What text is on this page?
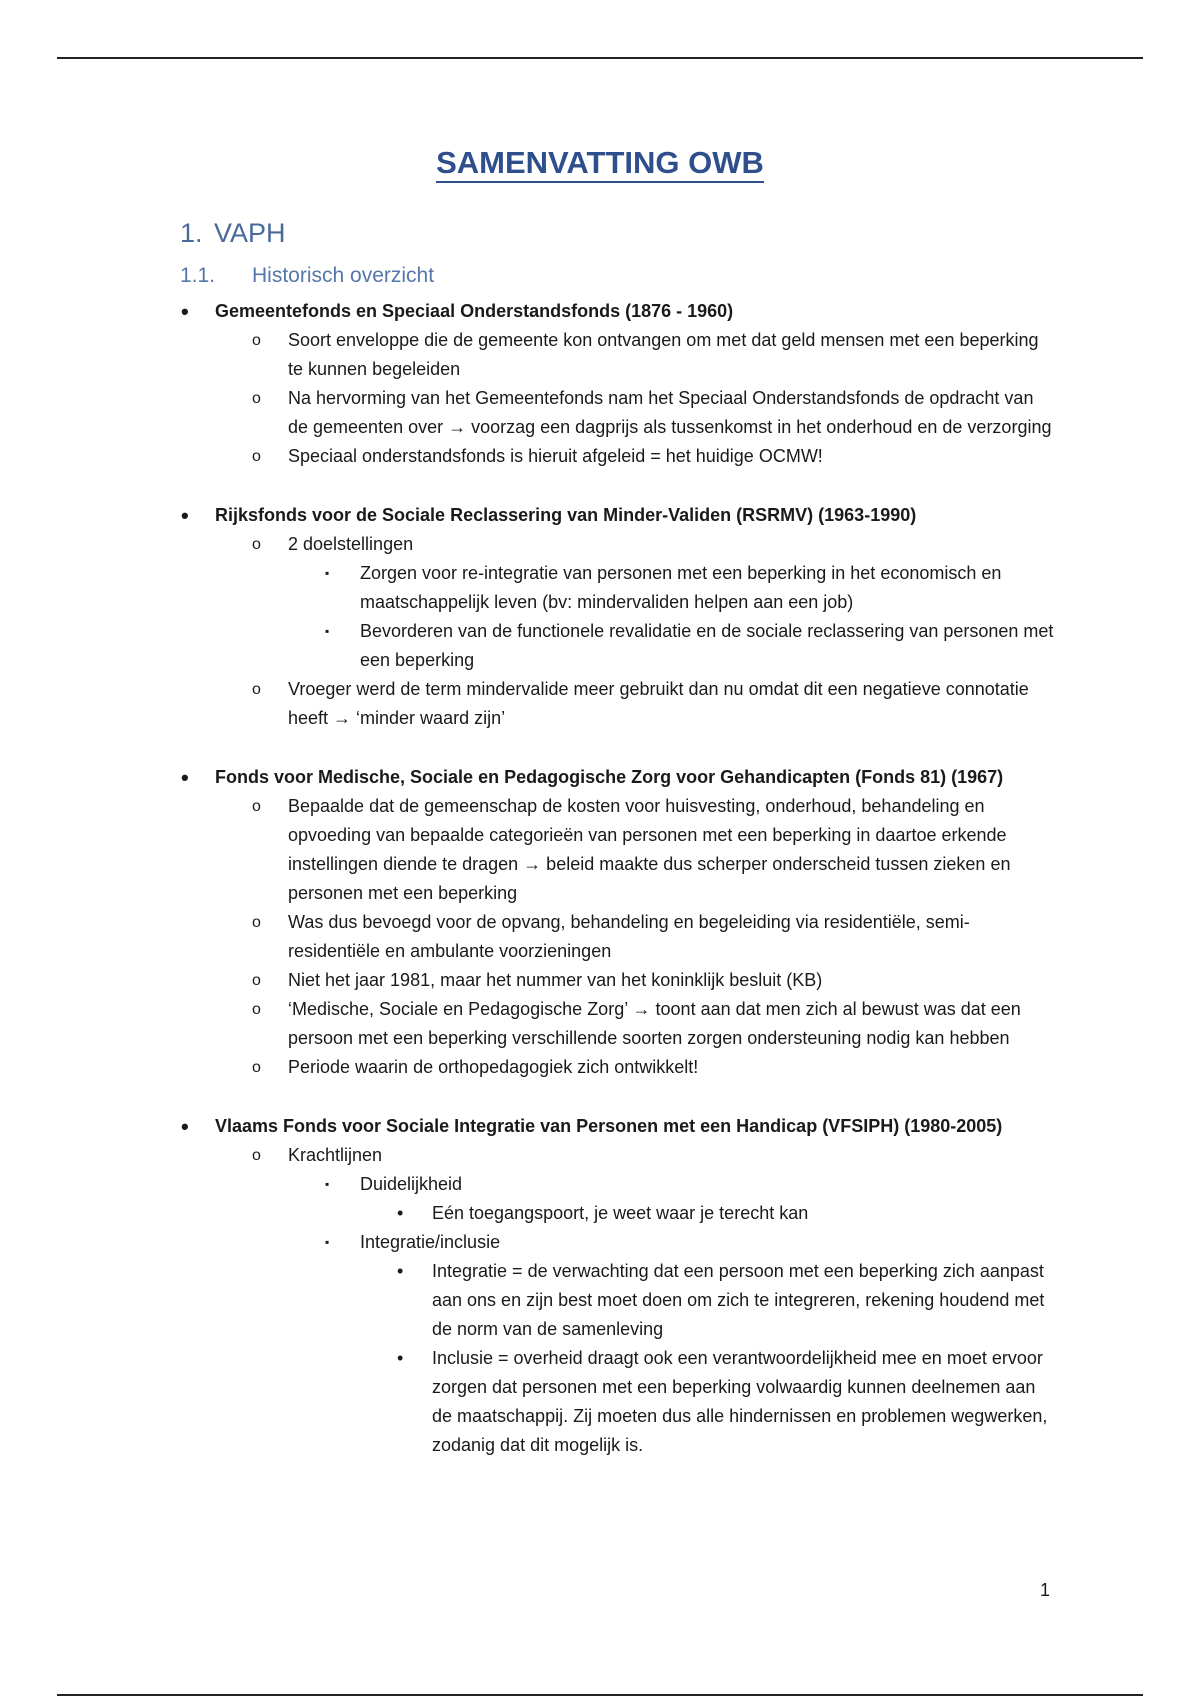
SAMENVATTING OWB
1. VAPH
1.1. Historisch overzicht
• Gemeentefonds en Speciaal Onderstandsfonds (1876 - 1960)
o Soort enveloppe die de gemeente kon ontvangen om met dat geld mensen met een beperking te kunnen begeleiden
o Na hervorming van het Gemeentefonds nam het Speciaal Onderstandsfonds de opdracht van de gemeenten over → voorzag een dagprijs als tussenkomst in het onderhoud en de verzorging
o Speciaal onderstandsfonds is hieruit afgeleid = het huidige OCMW!
• Rijksfonds voor de Sociale Reclassering van Minder-Validen (RSRMV) (1963-1990)
o 2 doelstellingen
▪ Zorgen voor re-integratie van personen met een beperking in het economisch en maatschappelijk leven (bv: mindervaliden helpen aan een job)
▪ Bevorderen van de functionele revalidatie en de sociale reclassering van personen met een beperking
o Vroeger werd de term mindervalide meer gebruikt dan nu omdat dit een negatieve connotatie heeft → ‘minder waard zijn’
• Fonds voor Medische, Sociale en Pedagogische Zorg voor Gehandicapten (Fonds 81) (1967)
o Bepaalde dat de gemeenschap de kosten voor huisvesting, onderhoud, behandeling en opvoeding van bepaalde categorieën van personen met een beperking in daartoe erkende instellingen diende te dragen → beleid maakte dus scherper onderscheid tussen zieken en personen met een beperking
o Was dus bevoegd voor de opvang, behandeling en begeleiding via residentiële, semi-residentiële en ambulante voorzieningen
o Niet het jaar 1981, maar het nummer van het koninklijk besluit (KB)
o ‘Medische, Sociale en Pedagogische Zorg’ → toont aan dat men zich al bewust was dat een persoon met een beperking verschillende soorten zorgen ondersteuning nodig kan hebben
o Periode waarin de orthopedagogiek zich ontwikkelt!
• Vlaams Fonds voor Sociale Integratie van Personen met een Handicap (VFSIPH) (1980-2005)
o Krachtlijnen
▪ Duidelijkheid
• Eén toegangspoort, je weet waar je terecht kan
▪ Integratie/inclusie
• Integratie = de verwachting dat een persoon met een beperking zich aanpast aan ons en zijn best moet doen om zich te integreren, rekening houdend met de norm van de samenleving
• Inclusie = overheid draagt ook een verantwoordelijkheid mee en moet ervoor zorgen dat personen met een beperking volwaardig kunnen deelnemen aan de maatschappij. Zij moeten dus alle hindernissen en problemen wegwerken, zodanig dat dit mogelijk is.
1
